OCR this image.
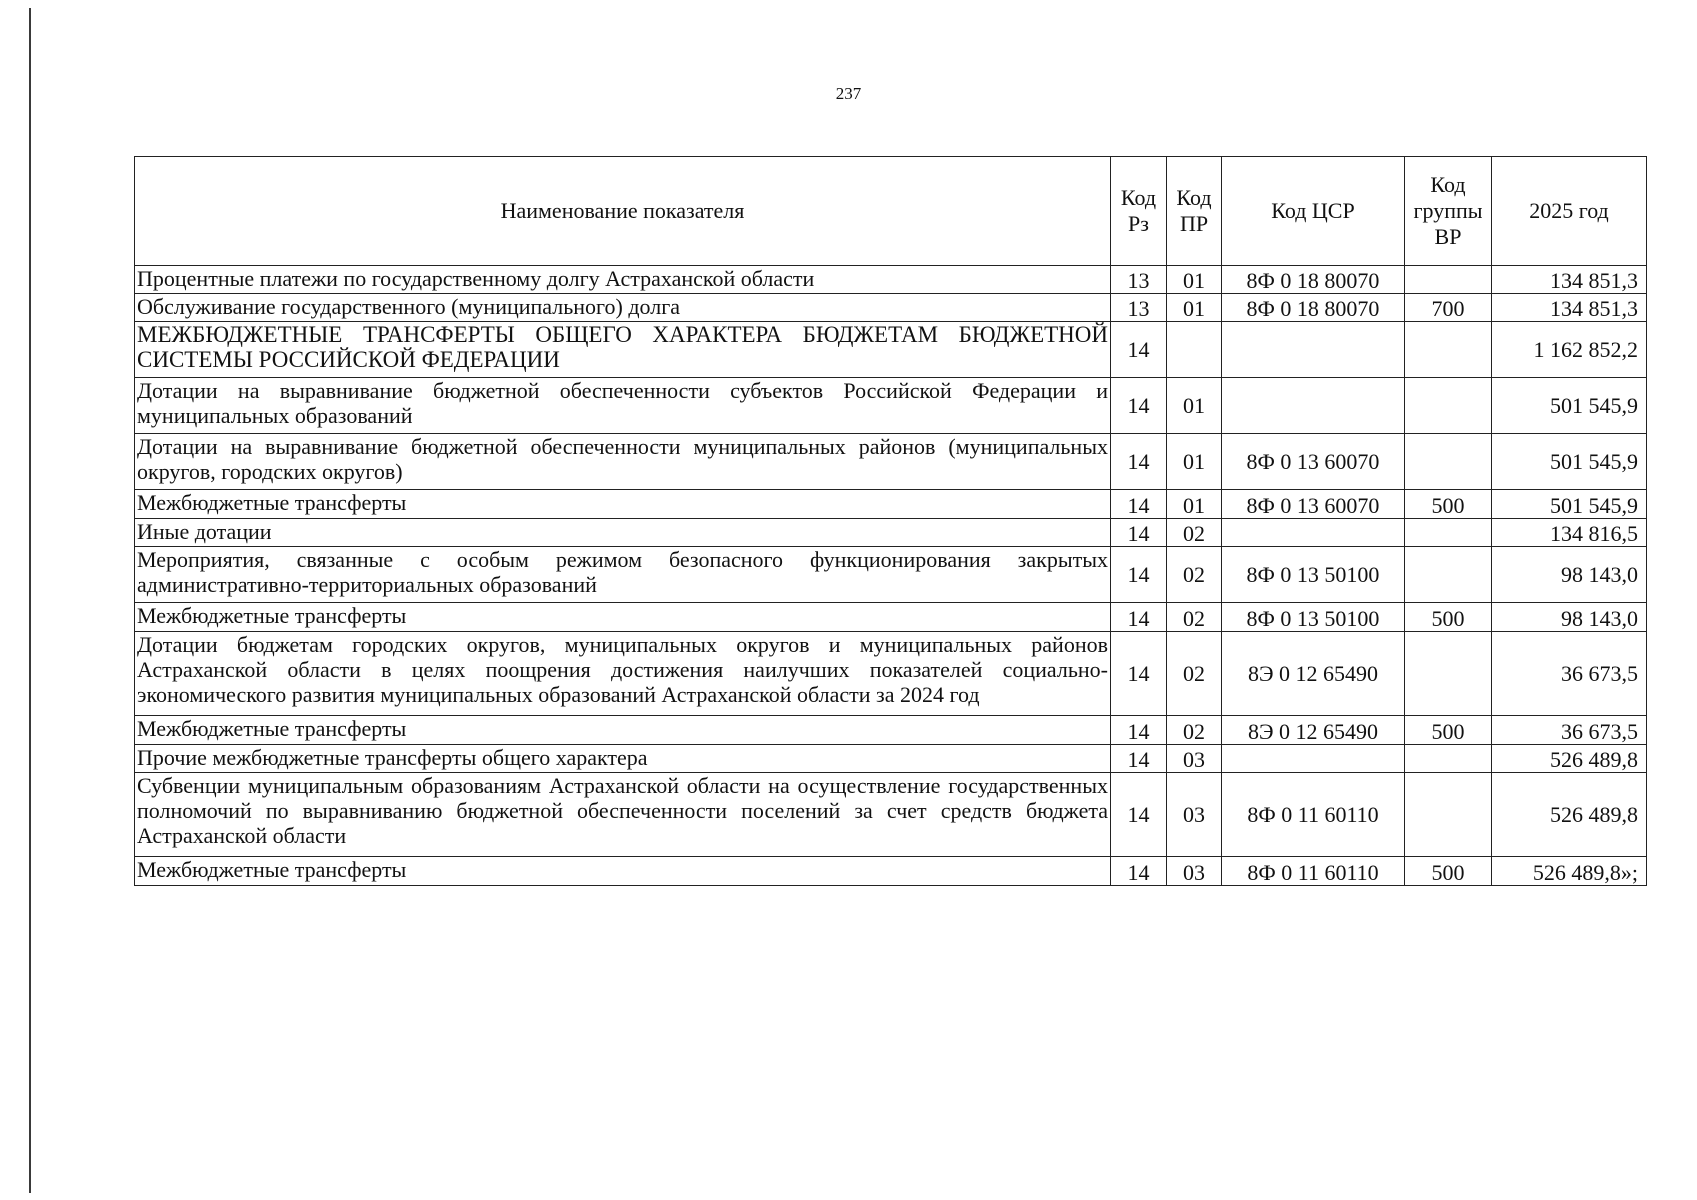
237
Наименование показателя	Код Рз	Код ПР	Код ЦСР	Код группы ВР	2025 год
Процентные платежи по государственному долгу Астраханской области	13	01	8Ф 0 18 80070		134 851,3
Обслуживание государственного (муниципального) долга	13	01	8Ф 0 18 80070	700	134 851,3
МЕЖБЮДЖЕТНЫЕ ТРАНСФЕРТЫ ОБЩЕГО ХАРАКТЕРА БЮДЖЕТАМ БЮДЖЕТНОЙ СИСТЕМЫ РОССИЙСКОЙ ФЕДЕРАЦИИ	14				1 162 852,2
Дотации на выравнивание бюджетной обеспеченности субъектов Российской Федерации и муниципальных образований	14	01			501 545,9
Дотации на выравнивание бюджетной обеспеченности муниципальных районов (муниципальных округов, городских округов)	14	01	8Ф 0 13 60070		501 545,9
Межбюджетные трансферты	14	01	8Ф 0 13 60070	500	501 545,9
Иные дотации	14	02			134 816,5
Мероприятия, связанные с особым режимом безопасного функционирования закрытых административно-территориальных образований	14	02	8Ф 0 13 50100		98 143,0
Межбюджетные трансферты	14	02	8Ф 0 13 50100	500	98 143,0
Дотации бюджетам городских округов, муниципальных округов и муниципальных районов Астраханской области в целях поощрения достижения наилучших показателей социально-экономического развития муниципальных образований Астраханской области за 2024 год	14	02	8Э 0 12 65490		36 673,5
Межбюджетные трансферты	14	02	8Э 0 12 65490	500	36 673,5
Прочие межбюджетные трансферты общего характера	14	03			526 489,8
Субвенции муниципальным образованиям Астраханской области на осуществление государственных полномочий по выравниванию бюджетной обеспеченности поселений за счет средств бюджета Астраханской области	14	03	8Ф 0 11 60110		526 489,8
Межбюджетные трансферты	14	03	8Ф 0 11 60110	500	526 489,8»;
